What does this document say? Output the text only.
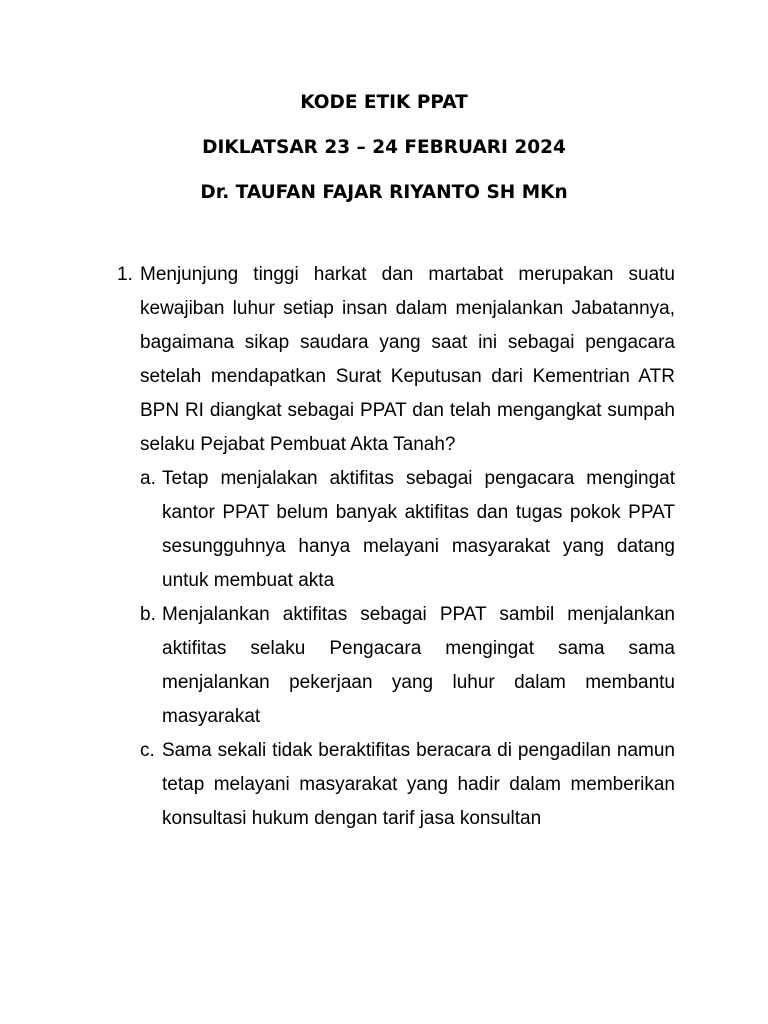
KODE ETIK PPAT
DIKLATSAR 23 – 24 FEBRUARI 2024
Dr. TAUFAN FAJAR RIYANTO SH MKn
1. Menjunjung tinggi harkat dan martabat merupakan suatu kewajiban luhur setiap insan dalam menjalankan Jabatannya, bagaimana sikap saudara yang saat ini sebagai pengacara setelah mendapatkan Surat Keputusan dari Kementrian ATR BPN RI diangkat sebagai PPAT dan telah mengangkat sumpah selaku Pejabat Pembuat Akta Tanah?
a. Tetap menjalakan aktifitas sebagai pengacara mengingat kantor PPAT belum banyak aktifitas dan tugas pokok PPAT sesungguhnya hanya melayani masyarakat yang datang untuk membuat akta
b. Menjalankan aktifitas sebagai PPAT sambil menjalankan aktifitas selaku Pengacara mengingat sama sama menjalankan pekerjaan yang luhur dalam membantu masyarakat
c. Sama sekali tidak beraktifitas beracara di pengadilan namun tetap melayani masyarakat yang hadir dalam memberikan konsultasi hukum dengan tarif jasa konsultan
